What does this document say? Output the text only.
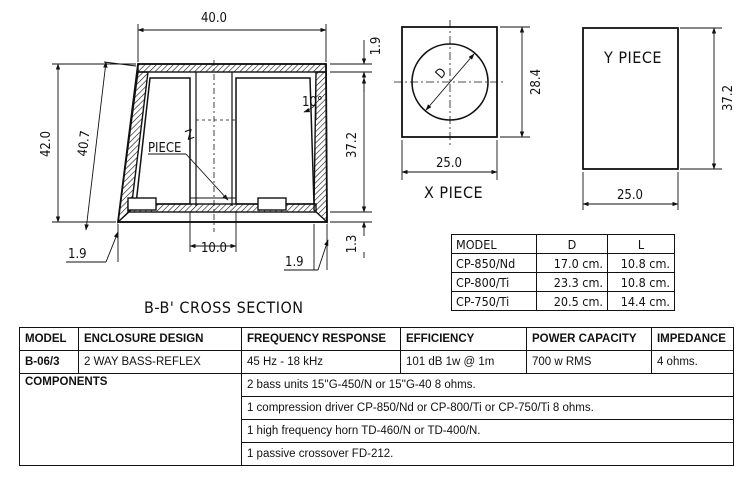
40.0
1.9
42.0 40.7
10°
37.2
1.3
10.0
1.9
1.9
Z
PIECE
B-B' CROSS SECTION
D	28.4
25.0
X PIECE
Y PIECE
37.2
25.0
MODEL	D	L
CP-850/Nd	17.0 cm.	10.8 cm.
CP-800/Ti	23.3 cm.	10.8 cm.
CP-750/Ti	20.5 cm.	14.4 cm.
MODEL	ENCLOSURE DESIGN	FREQUENCY RESPONSE	EFFICIENCY	POWER CAPACITY	IMPEDANCE
B-06/3	2 WAY BASS-REFLEX	45 Hz - 18 kHz	101 dB 1w @ 1m	700 w RMS	4 ohms.
COMPONENTS		2 bass units 15''G-450/N or 15''G-40 8 ohms.			
		1 compression driver CP-850/Nd or CP-800/Ti or CP-750/Ti 8 ohms.			
		1 high frequency horn TD-460/N or TD-400/N.			
		1 passive crossover FD-212.			
